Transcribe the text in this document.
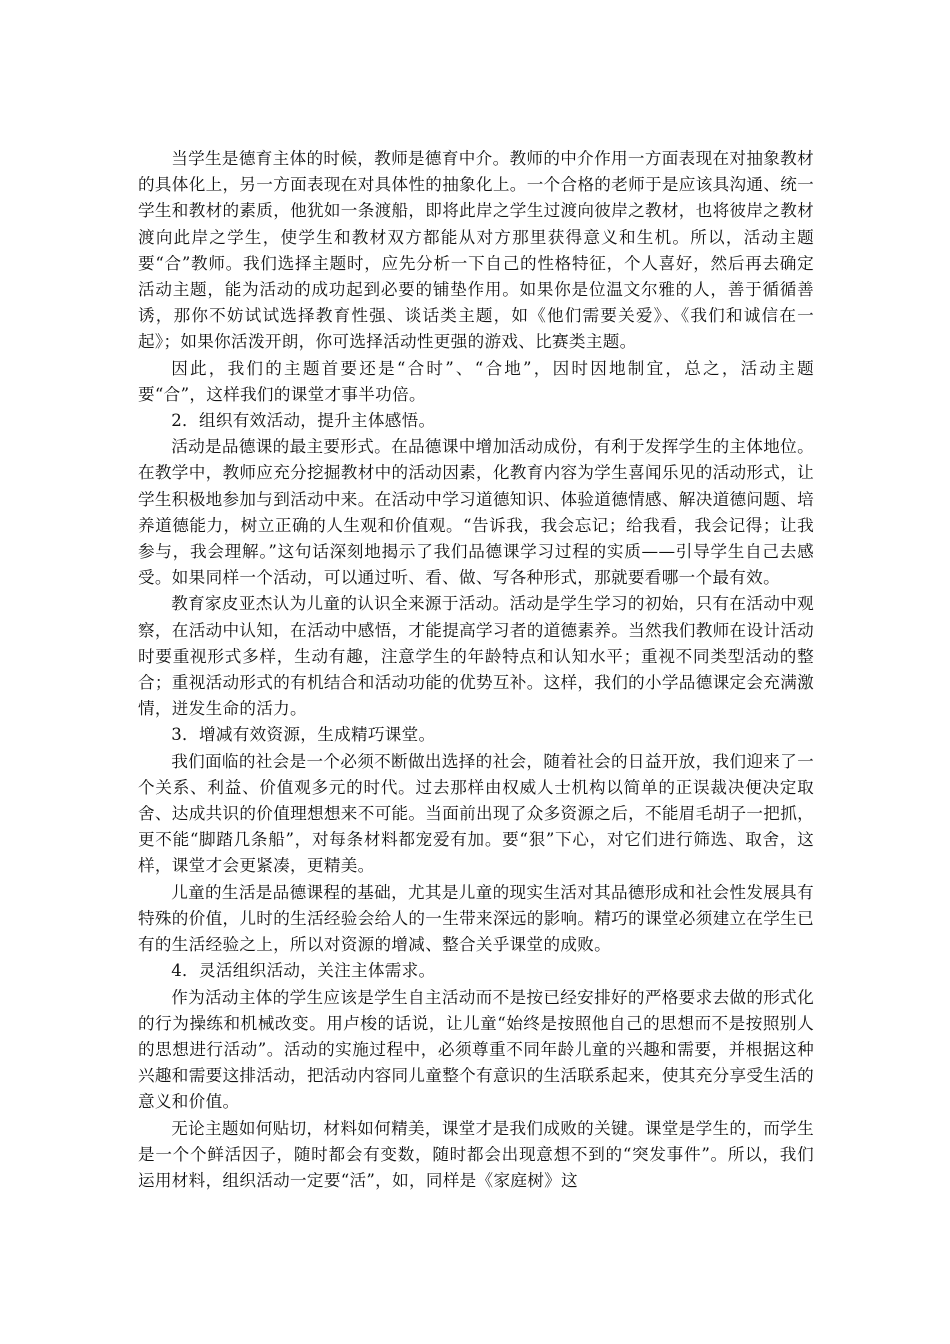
当学生是德育主体的时候，教师是德育中介。教师的中介作用一方面表现在对抽象教材的具体化上，另一方面表现在对具体性的抽象化上。一个合格的老师于是应该具沟通、统一学生和教材的素质，他犹如一条渡船，即将此岸之学生过渡向彼岸之教材，也将彼岸之教材渡向此岸之学生，使学生和教材双方都能从对方那里获得意义和生机。所以，活动主题要“合”教师。我们选择主题时，应先分析一下自己的性格特征，个人喜好，然后再去确定活动主题，能为活动的成功起到必要的铺垫作用。如果你是位温文尔雅的人，善于循循善诱，那你不妨试试选择教育性强、谈话类主题，如《他们需要关爱》、《我们和诚信在一起》；如果你活泼开朗，你可选择活动性更强的游戏、比赛类主题。

因此，我们的主题首要还是“合时”、“合地”，因时因地制宜，总之，活动主题要“合”，这样我们的课堂才事半功倍。

2．组织有效活动，提升主体感悟。

活动是品德课的最主要形式。在品德课中增加活动成份，有利于发挥学生的主体地位。在教学中，教师应充分挖掘教材中的活动因素，化教育内容为学生喜闻乐见的活动形式，让学生积极地参加与到活动中来。在活动中学习道德知识、体验道德情感、解决道德问题、培养道德能力，树立正确的人生观和价值观。“告诉我，我会忘记；给我看，我会记得；让我参与，我会理解。”这句话深刻地揭示了我们品德课学习过程的实质——引导学生自己去感受。如果同样一个活动，可以通过听、看、做、写各种形式，那就要看哪一个最有效。

教育家皮亚杰认为儿童的认识全来源于活动。活动是学生学习的初始，只有在活动中观察，在活动中认知，在活动中感悟，才能提高学习者的道德素养。当然我们教师在设计活动时要重视形式多样，生动有趣，注意学生的年龄特点和认知水平；重视不同类型活动的整合；重视活动形式的有机结合和活动功能的优势互补。这样，我们的小学品德课定会充满激情，迸发生命的活力。

3．增减有效资源，生成精巧课堂。

我们面临的社会是一个必须不断做出选择的社会，随着社会的日益开放，我们迎来了一个关系、利益、价值观多元的时代。过去那样由权威人士机构以简单的正误裁决便决定取舍、达成共识的价值理想想来不可能。当面前出现了众多资源之后，不能眉毛胡子一把抓，更不能“脚踏几条船”，对每条材料都宠爱有加。要“狠”下心，对它们进行筛选、取舍，这样，课堂才会更紧凑，更精美。

儿童的生活是品德课程的基础，尤其是儿童的现实生活对其品德形成和社会性发展具有特殊的价值，儿时的生活经验会给人的一生带来深远的影响。精巧的课堂必须建立在学生已有的生活经验之上，所以对资源的增减、整合关乎课堂的成败。

4．灵活组织活动，关注主体需求。

作为活动主体的学生应该是学生自主活动而不是按已经安排好的严格要求去做的形式化的行为操练和机械改变。用卢梭的话说，让儿童“始终是按照他自己的思想而不是按照别人的思想进行活动”。活动的实施过程中，必须尊重不同年龄儿童的兴趣和需要，并根据这种兴趣和需要这排活动，把活动内容同儿童整个有意识的生活联系起来，使其充分享受生活的意义和价值。

无论主题如何贴切，材料如何精美，课堂才是我们成败的关键。课堂是学生的，而学生是一个个鲜活因子，随时都会有变数，随时都会出现意想不到的“突发事件”。所以，我们运用材料，组织活动一定要“活”，如，同样是《家庭树》这
